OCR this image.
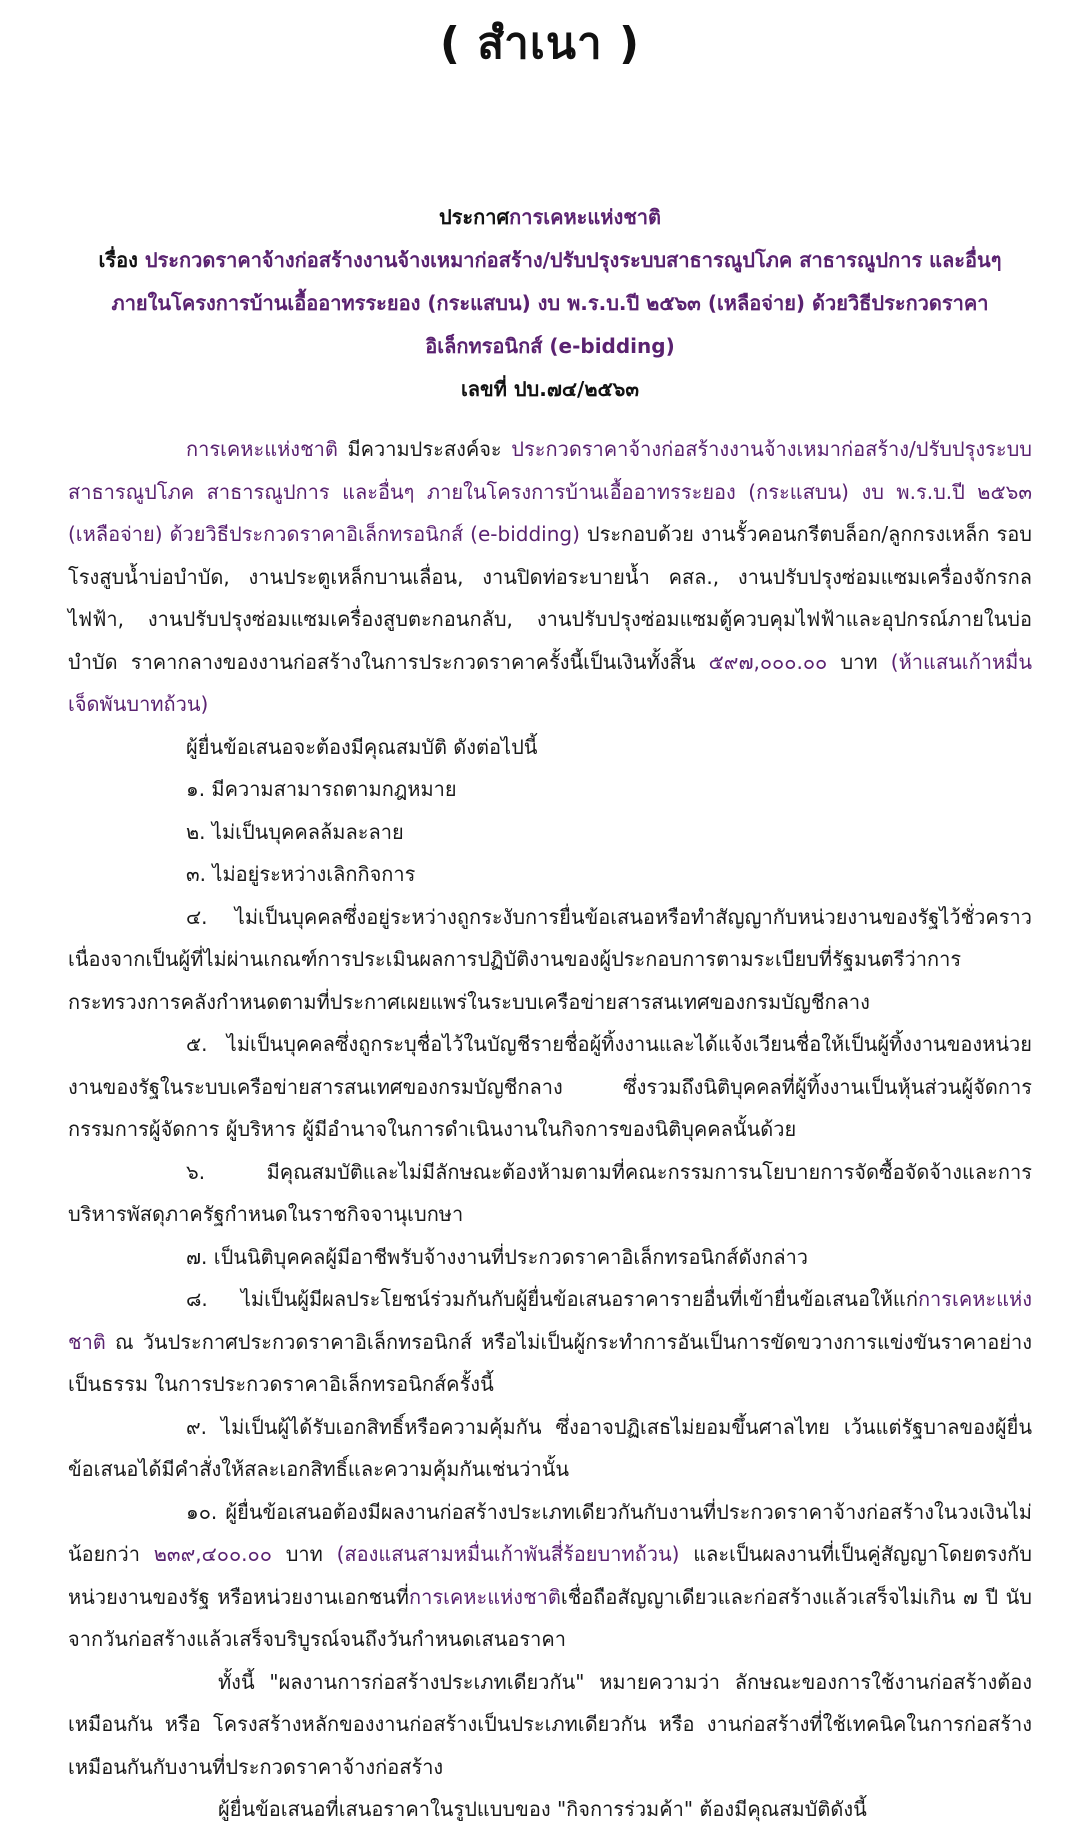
( สำเนา )
ประกาศการเคหะแห่งชาติ
เรื่อง ประกวดราคาจ้างก่อสร้างงานจ้างเหมาก่อสร้าง/ปรับปรุงระบบสาธารณูปโภค สาธารณูปการ และอื่นๆ
ภายในโครงการบ้านเอื้ออาทรระยอง (กระแสบน) งบ พ.ร.บ.ปี ๒๕๖๓ (เหลือจ่าย) ด้วยวิธีประกวดราคา
อิเล็กทรอนิกส์ (e-bidding)
เลขที่ ปบ.๗๔/๒๕๖๓

การเคหะแห่งชาติ มีความประสงค์จะ ประกวดราคาจ้างก่อสร้างงานจ้างเหมาก่อสร้าง/ปรับปรุงระบบสาธารณูปโภค สาธารณูปการ และอื่นๆ ภายในโครงการบ้านเอื้ออาทรระยอง (กระแสบน) งบ พ.ร.บ.ปี ๒๕๖๓ (เหลือจ่าย) ด้วยวิธีประกวดราคาอิเล็กทรอนิกส์ (e-bidding) ประกอบด้วย งานรั้วคอนกรีตบล็อก/ลูกกรงเหล็ก รอบโรงสูบน้ำบ่อบำบัด, งานประตูเหล็กบานเลื่อน, งานปิดท่อระบายน้ำ คสล., งานปรับปรุงซ่อมแซมเครื่องจักรกลไฟฟ้า, งานปรับปรุงซ่อมแซมเครื่องสูบตะกอนกลับ, งานปรับปรุงซ่อมแซมตู้ควบคุมไฟฟ้าและอุปกรณ์ภายในบ่อบำบัด ราคากลางของงานก่อสร้างในการประกวดราคาครั้งนี้เป็นเงินทั้งสิ้น ๕๙๗,๐๐๐.๐๐ บาท (ห้าแสนเก้าหมื่นเจ็ดพันบาทถ้วน)

ผู้ยื่นข้อเสนอจะต้องมีคุณสมบัติ ดังต่อไปนี้

๑. มีความสามารถตามกฎหมาย

๒. ไม่เป็นบุคคลล้มละลาย

๓. ไม่อยู่ระหว่างเลิกกิจการ

๔. ไม่เป็นบุคคลซึ่งอยู่ระหว่างถูกระงับการยื่นข้อเสนอหรือทำสัญญากับหน่วยงานของรัฐไว้ชั่วคราว เนื่องจากเป็นผู้ที่ไม่ผ่านเกณฑ์การประเมินผลการปฏิบัติงานของผู้ประกอบการตามระเบียบที่รัฐมนตรีว่าการกระทรวงการคลังกำหนดตามที่ประกาศเผยแพร่ในระบบเครือข่ายสารสนเทศของกรมบัญชีกลาง

๕. ไม่เป็นบุคคลซึ่งถูกระบุชื่อไว้ในบัญชีรายชื่อผู้ทิ้งงานและได้แจ้งเวียนชื่อให้เป็นผู้ทิ้งงานของหน่วยงานของรัฐในระบบเครือข่ายสารสนเทศของกรมบัญชีกลาง ซึ่งรวมถึงนิติบุคคลที่ผู้ทิ้งงานเป็นหุ้นส่วนผู้จัดการ กรรมการผู้จัดการ ผู้บริหาร ผู้มีอำนาจในการดำเนินงานในกิจการของนิติบุคคลนั้นด้วย

๖. มีคุณสมบัติและไม่มีลักษณะต้องห้ามตามที่คณะกรรมการนโยบายการจัดซื้อจัดจ้างและการบริหารพัสดุภาครัฐกำหนดในราชกิจจานุเบกษา

๗. เป็นนิติบุคคลผู้มีอาชีพรับจ้างงานที่ประกวดราคาอิเล็กทรอนิกส์ดังกล่าว

๘. ไม่เป็นผู้มีผลประโยชน์ร่วมกันกับผู้ยื่นข้อเสนอราคารายอื่นที่เข้ายื่นข้อเสนอให้แก่การเคหะแห่งชาติ ณ วันประกาศประกวดราคาอิเล็กทรอนิกส์ หรือไม่เป็นผู้กระทำการอันเป็นการขัดขวางการแข่งขันราคาอย่างเป็นธรรม ในการประกวดราคาอิเล็กทรอนิกส์ครั้งนี้

๙. ไม่เป็นผู้ได้รับเอกสิทธิ์หรือความคุ้มกัน ซึ่งอาจปฏิเสธไม่ยอมขึ้นศาลไทย เว้นแต่รัฐบาลของผู้ยื่นข้อเสนอได้มีคำสั่งให้สละเอกสิทธิ์และความคุ้มกันเช่นว่านั้น

๑๐. ผู้ยื่นข้อเสนอต้องมีผลงานก่อสร้างประเภทเดียวกันกับงานที่ประกวดราคาจ้างก่อสร้างในวงเงินไม่น้อยกว่า ๒๓๙,๔๐๐.๐๐ บาท (สองแสนสามหมื่นเก้าพันสี่ร้อยบาทถ้วน) และเป็นผลงานที่เป็นคู่สัญญาโดยตรงกับหน่วยงานของรัฐ หรือหน่วยงานเอกชนที่การเคหะแห่งชาติเชื่อถือสัญญาเดียวและก่อสร้างแล้วเสร็จไม่เกิน ๗ ปี นับจากวันก่อสร้างแล้วเสร็จบริบูรณ์จนถึงวันกำหนดเสนอราคา

ทั้งนี้ "ผลงานการก่อสร้างประเภทเดียวกัน" หมายความว่า ลักษณะของการใช้งานก่อสร้างต้องเหมือนกัน หรือ โครงสร้างหลักของงานก่อสร้างเป็นประเภทเดียวกัน หรือ งานก่อสร้างที่ใช้เทคนิคในการก่อสร้างเหมือนกันกับงานที่ประกวดราคาจ้างก่อสร้าง

ผู้ยื่นข้อเสนอที่เสนอราคาในรูปแบบของ "กิจการร่วมค้า" ต้องมีคุณสมบัติดังนี้
